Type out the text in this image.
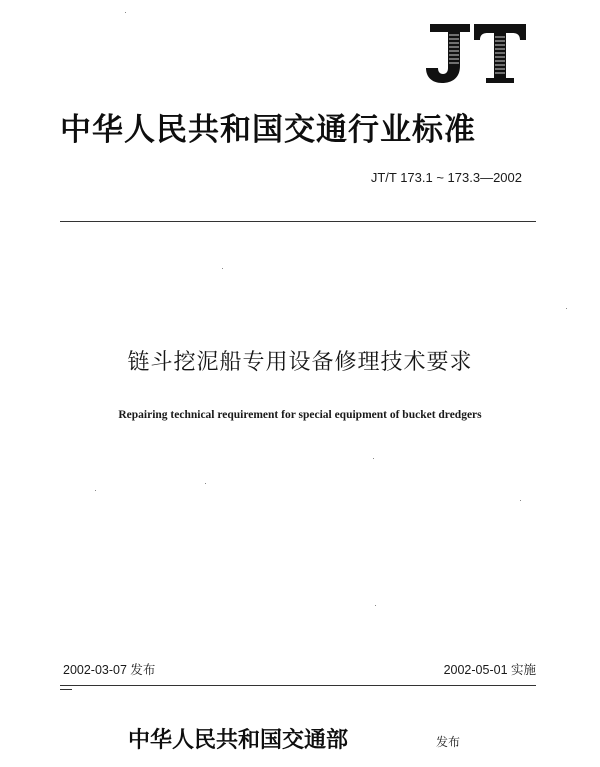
中华人民共和国交通行业标准
JT/T 173.1 ~ 173.3—2002
链斗挖泥船专用设备修理技术要求
Repairing technical requirement for special equipment of bucket dredgers
2002-03-07 发布	2002-05-01 实施
中华人民共和国交通部	发布
